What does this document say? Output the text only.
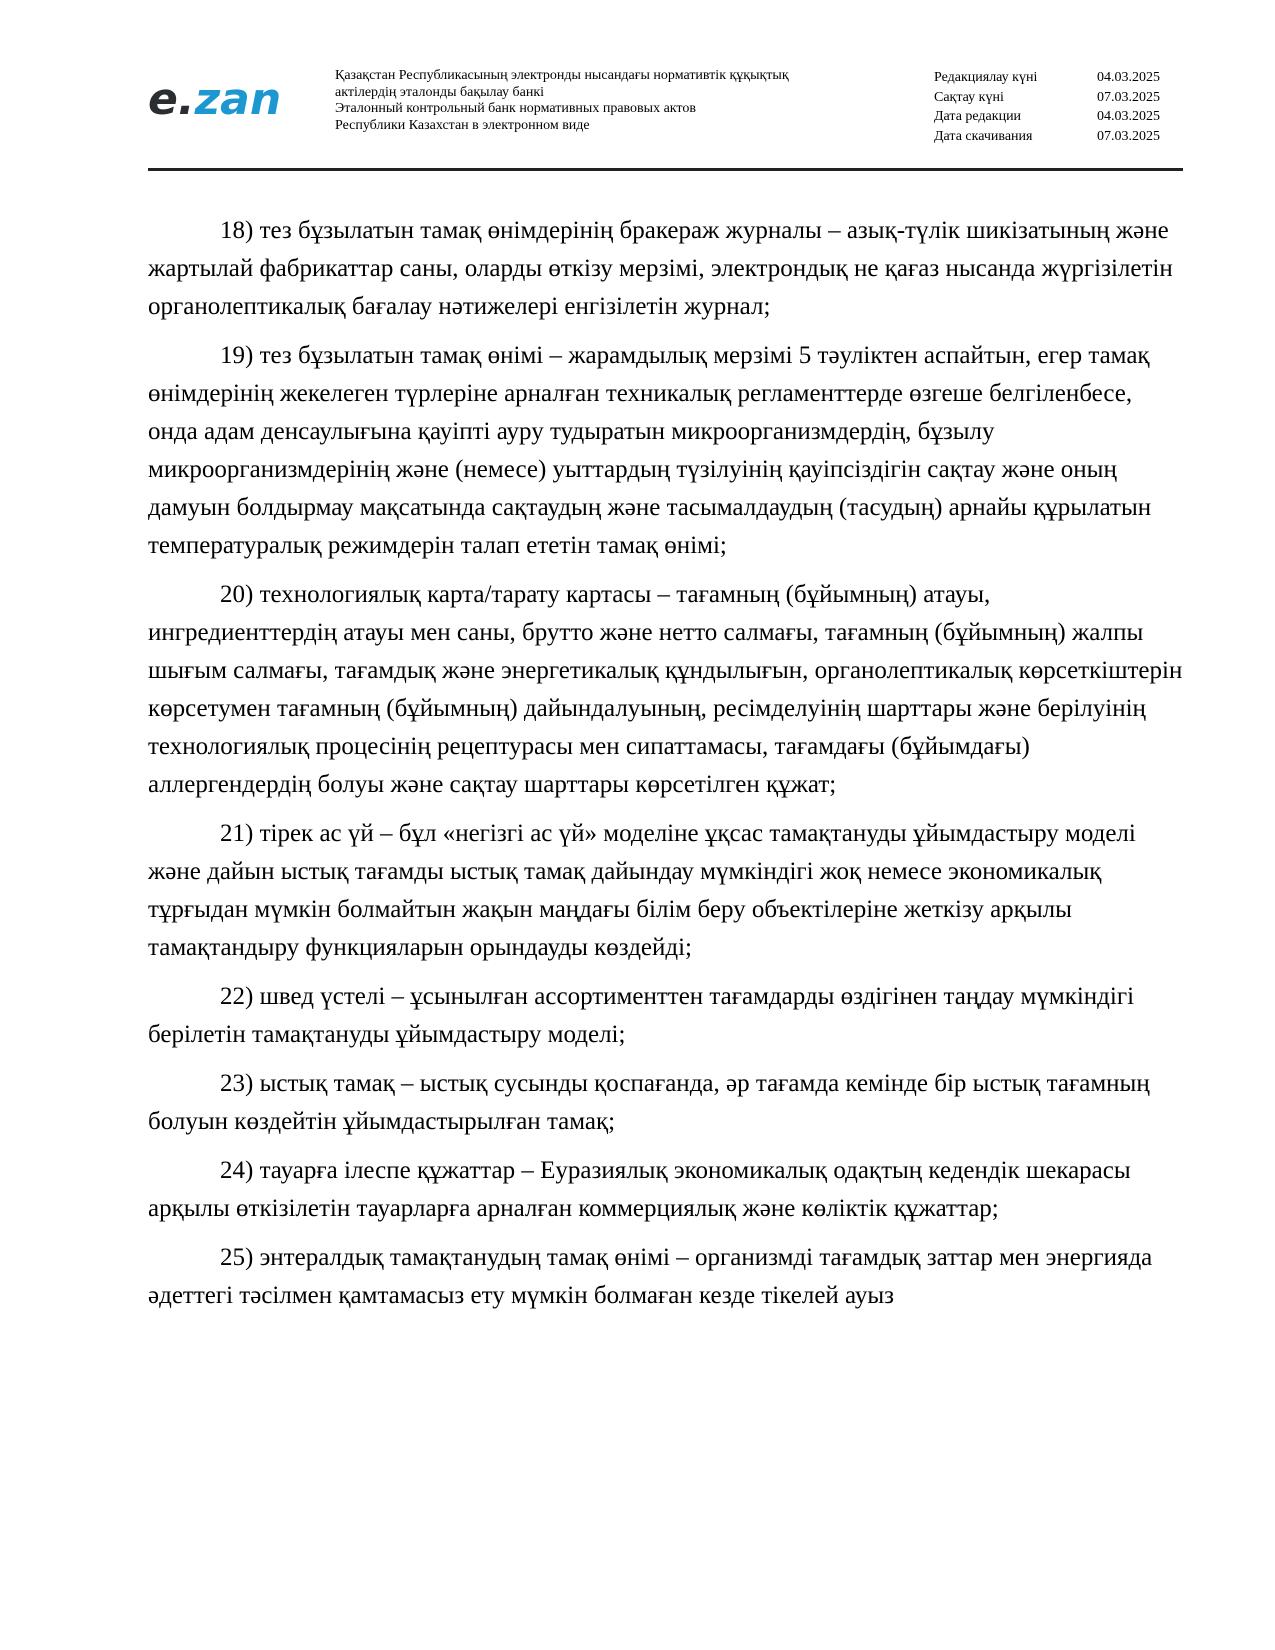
e.zan	Қазақстан Республикасының электронды нысандағы нормативтік құқықтық
актілердің эталонды бақылау банкі
Эталонный контрольный банк нормативных правовых актов
Республики Казахстан в электронном виде
Редакциялау күні	04.03.2025
Сақтау күні	07.03.2025
Дата редакции	04.03.2025
Дата скачивания	07.03.2025

18) тез бұзылатын тамақ өнімдерінің бракераж журналы – азық-түлік шикізатының және жартылай фабрикаттар саны, оларды өткізу мерзімі, электрондық не қағаз нысанда жүргізілетін органолептикалық бағалау нәтижелері енгізілетін журнал;

19) тез бұзылатын тамақ өнімі – жарамдылық мерзімі 5 тәуліктен аспайтын, егер тамақ өнімдерінің жекелеген түрлеріне арналған техникалық регламенттерде өзгеше белгіленбесе, онда адам денсаулығына қауіпті ауру тудыратын микроорганизмдердің, бұзылу микроорганизмдерінің және (немесе) уыттардың түзілуінің қауіпсіздігін сақтау және оның дамуын болдырмау мақсатында сақтаудың және тасымалдаудың (тасудың) арнайы құрылатын температуралық режимдерін талап ететін тамақ өнімі;

20) технологиялық карта/тарату картасы – тағамның (бұйымның) атауы, ингредиенттердің атауы мен саны, брутто және нетто салмағы, тағамның (бұйымның) жалпы шығым салмағы, тағамдық және энергетикалық құндылығын, органолептикалық көрсеткіштерін көрсетумен тағамның (бұйымның) дайындалуының, ресімделуінің шарттары және берілуінің технологиялық процесінің рецептурасы мен сипаттамасы, тағамдағы (бұйымдағы) аллергендердің болуы және сақтау шарттары көрсетілген құжат;

21) тірек ас үй – бұл «негізгі ас үй» моделіне ұқсас тамақтануды ұйымдастыру моделі және дайын ыстық тағамды ыстық тамақ дайындау мүмкіндігі жоқ немесе экономикалық тұрғыдан мүмкін болмайтын жақын маңдағы білім беру объектілеріне жеткізу арқылы тамақтандыру функцияларын орындауды көздейді;

22) швед үстелі – ұсынылған ассортименттен тағамдарды өздігінен таңдау мүмкіндігі берілетін тамақтануды ұйымдастыру моделі;

23) ыстық тамақ – ыстық сусынды қоспағанда, әр тағамда кемінде бір ыстық тағамның болуын көздейтін ұйымдастырылған тамақ;

24) тауарға ілеспе құжаттар – Еуразиялық экономикалық одақтың кедендік шекарасы арқылы өткізілетін тауарларға арналған коммерциялық және көліктік құжаттар;

25) энтералдық тамақтанудың тамақ өнімі – организмді тағамдық заттар мен энергияда әдеттегі тәсілмен қамтамасыз ету мүмкін болмаған кезде тікелей ауыз
